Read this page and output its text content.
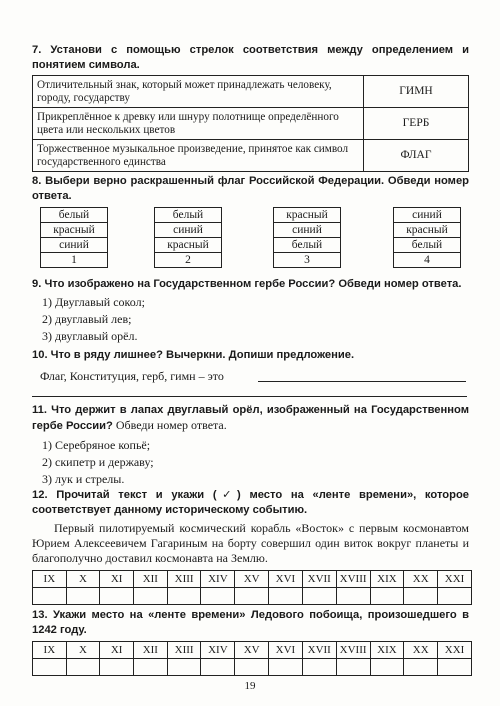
7. Установи с помощью стрелок соответствия между определением и понятием символа.

Отличительный знак, который может принадлежать человеку, городу, государству	ГИМН
Прикреплённое к древку или шнуру полотнище определённого цвета или нескольких цветов	ГЕРБ
Торжественное музыкальное произведение, принятое как символ государственного единства	ФЛАГ

8. Выбери верно раскрашенный флаг Российской Федерации. Обведи номер ответа.

белый
красный
синий
1
белый
синий
красный
2
красный
синий
белый
3
синий
красный
белый
4

9. Что изображено на Государственном гербе России? Обведи номер ответа.

1) Двуглавый сокол;

2) двуглавый лев;

3) двуглавый орёл.

10. Что в ряду лишнее? Вычеркни. Допиши предложение.

Флаг, Конституция, герб, гимн – это

11. Что держит в лапах двуглавый орёл, изображенный на Государственном гербе России? Обведи номер ответа.

1) Серебряное копьё;

2) скипетр и державу;

3) лук и стрелы.

12. Прочитай текст и укажи (✓) место на «ленте времени», которое соответствует данному историческому событию.

Первый пилотируемый космический корабль «Восток» с первым космонавтом Юрием Алексеевичем Гагариным на борту совершил один виток вокруг планеты и благополучно доставил космонавта на Землю.

IX	X	XI	XII	XIII	XIV	XV	XVI	XVII	XVIII	XIX	XX	XXI

13. Укажи место на «ленте времени» Ледового побоища, произошедшего в 1242 году.

IX	X	XI	XII	XIII	XIV	XV	XVI	XVII	XVIII	XIX	XX	XXI

19
